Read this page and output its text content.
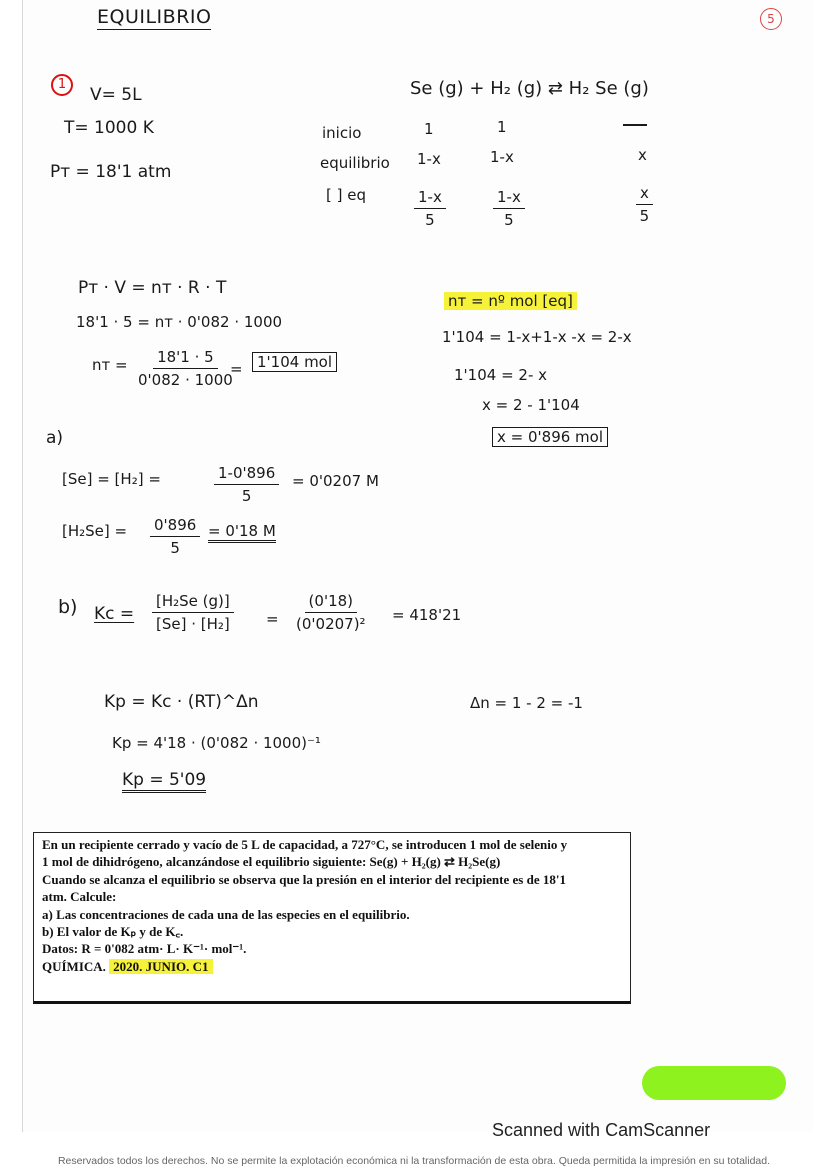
5
EQUILIBRIO
1
V= 5L
T= 1000 K
Pᴛ = 18'1 atm
Se (g) + H₂ (g) ⇄ H₂ Se (g)
inicio	1	1
equilibrio 1-x	1-x	x
[ ] eq	$\frac{1-x}{5}$	$\frac{1-x}{5}$	$\frac{x}{5}$
Pᴛ · V = nᴛ · R · T
18'1 · 5 = nᴛ · 0'082 · 1000
nᴛ = $\frac{18'1 \cdot 5}{0'082 \cdot 1000}$
= 1'104 mol
nᴛ = nº mol [eq]
1'104 = 1-x+1-x -x = 2-x
1'104 = 2- x
x = 2 - 1'104
x = 0'896 mol
a)
[Se] = [H₂] =	$\frac{1-0'896}{5} = 0'0207$ M
$[H_2Se] = \frac{0'896}{5} = 0'18$ M
b) $Kc = \frac{\text{[H₂Se (g)]}}{\text{[Se] · [H₂]}} = \frac{(0'18)}{\text{(0'0207)²}} = 418'21$
Kp = Kc · (RT)^Δn
Kp = 4'18 · (0'082 · 1000)⁻¹
Kp = 5'09
Δn = 1 - 2 = -1
En un recipiente cerrado y vacío de 5 L de capacidad, a 727°C, se introducen 1 mol de selenio y
1 mol de dihidrógeno, alcanzándose el equilibrio siguiente: Se(g) + H₂(g) ⇄ H₂Se(g)
Cuando se alcanza el equilibrio se observa que la presión en el interior del recipiente es de 18'1
atm. Calcule:
a) Las concentraciones de cada una de las especies en el equilibrio.
b) El valor de Kₚ y de K꜀.
Datos: R = 0'082 atm· L· K⁻¹· mol⁻¹.
QUÍMICA. 2020. JUNIO. C1
Scanned with CamScanner
Reservados todos los derechos. No se permite la explotación económica ni la transformación de esta obra. Queda permitida la impresión en su totalidad.
